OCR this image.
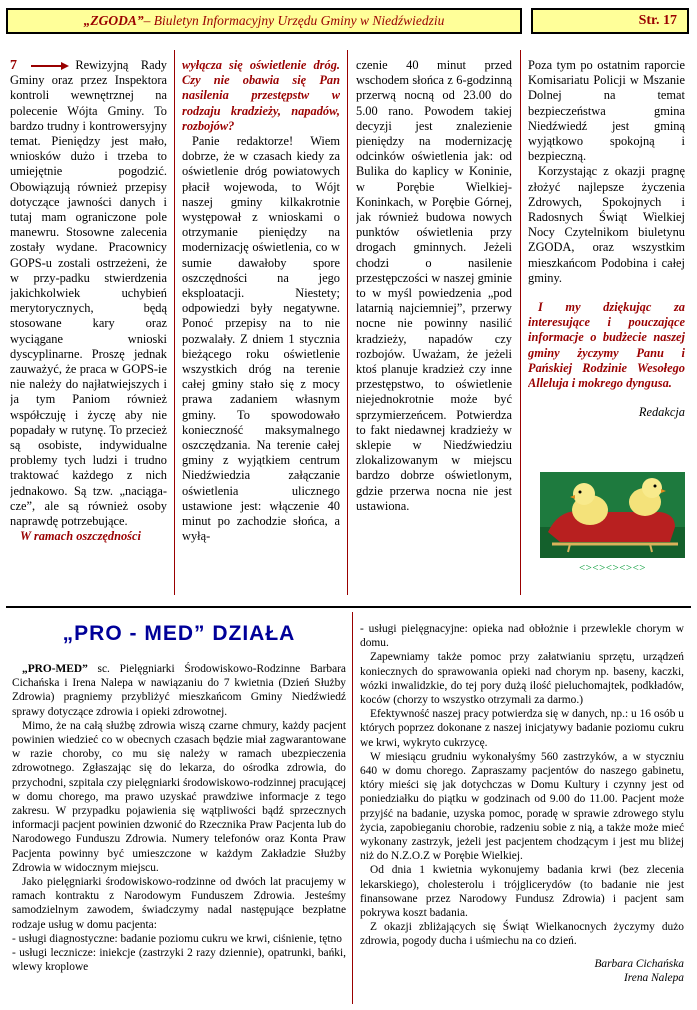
„ZGODA” – Biuletyn Informacyjny Urzędu Gminy w Niedźwiedziu	Str. 17

7	Rewizyjną Rady Gminy oraz przez Inspektora kontroli wewnętrznej na polecenie Wójta Gminy. To bardzo trudny i kontrowersyjny temat. Pieniędzy jest mało, wniosków dużo i trzeba to umiejętnie pogodzić. Obowiązują również przepisy dotyczące jawności danych i tutaj mam ograniczone pole manewru. Stosowne zalecenia zostały wydane. Pracownicy GOPS-u zostali ostrzeżeni, że w przy-padku stwierdzenia jakichkolwiek uchybień merytorycznych, będą stosowane kary oraz wyciągane wnioski dyscyplinarne. Proszę jednak zauważyć, że praca w GOPS-ie nie należy do najłatwiejszych i ja tym Paniom również współczuję i życzę aby nie popadały w rutynę. To przecież są osobiste, indywidualne problemy tych ludzi i trudno traktować każdego z nich jednakowo. Są tzw. „naciąga-cze”, ale są również osoby naprawdę potrzebujące.

W ramach oszczędności

wyłącza się oświetlenie dróg. Czy nie obawia się Pan nasilenia przestępstw w rodzaju kradzieży, napadów, rozbojów?

Panie redaktorze! Wiem dobrze, że w czasach kiedy za oświetlenie dróg powiatowych płacił wojewoda, to Wójt naszej gminy kilkakrotnie występował z wnioskami o otrzymanie pieniędzy na modernizację oświetlenia, co w sumie dawałoby spore oszczędności na jego eksploatacji. Niestety; odpowiedzi były negatywne. Ponoć przepisy na to nie pozwalały. Z dniem 1 stycznia bieżącego roku oświetlenie wszystkich dróg na terenie całej gminy stało się z mocy prawa zadaniem własnym gminy. To spowodowało konieczność maksymalnego oszczędzania. Na terenie całej gminy z wyjątkiem centrum Niedźwiedzia załączanie oświetlenia ulicznego ustawione jest: włączenie 40 minut po zachodzie słońca, a wyłą-

czenie 40 minut przed wschodem słońca z 6-godzinną przerwą nocną od 23.00 do 5.00 rano. Powodem takiej decyzji jest znalezienie pieniędzy na modernizację odcinków oświetlenia jak: od Bulika do kaplicy w Koninie, w Porębie Wielkiej-Koninkach, w Porębie Górnej, jak również budowa nowych punktów oświetlenia przy drogach gminnych. Jeżeli chodzi o nasilenie przestępczości w naszej gminie to w myśl powiedzenia „pod latarnią najciemniej”, przerwy nocne nie powinny nasilić kradzieży, napadów czy rozbojów. Uważam, że jeżeli ktoś planuje kradzież czy inne przestępstwo, to oświetlenie niejednokrotnie może być sprzymierzeńcem. Potwierdza to fakt niedawnej kradzieży w sklepie w Niedźwiedziu zlokalizowanym w miejscu bardzo dobrze oświetlonym, gdzie przerwa nocna nie jest ustawiona.

Poza tym po ostatnim raporcie Komisariatu Policji w Mszanie Dolnej na temat bezpieczeństwa gmina Niedźwiedź jest gminą wyjątkowo spokojną i bezpieczną.

Korzystając z okazji pragnę złożyć najlepsze życzenia Zdrowych, Spokojnych i Radosnych Świąt Wielkiej Nocy Czytelnikom biuletynu ZGODA, oraz wszystkim mieszkańcom Podobina i całej gminy.

I my dziękując za interesujące i pouczające informacje o budżecie naszej gminy życzymy Panu i Pańskiej Rodzinie Wesołego Alleluja i mokrego dyngusa.

Redakcja

<><><><><>
„PRO - MED” DZIAŁA

„PRO-MED” sc. Pielęgniarki Środowiskowo-Rodzinne Barbara Cichańska i Irena Nalepa w nawiązaniu do 7 kwietnia (Dzień Służby Zdrowia) pragniemy przybliżyć mieszkańcom Gminy Niedźwiedź sprawy dotyczące zdrowia i opieki zdrowotnej.

Mimo, że na całą służbę zdrowia wiszą czarne chmury, każdy pacjent powinien wiedzieć co w obecnych czasach będzie miał zagwarantowane w razie choroby, co mu się należy w ramach ubezpieczenia zdrowotnego. Zgłaszając się do lekarza, do ośrodka zdrowia, do przychodni, szpitala czy pielęgniarki środowiskowo-rodzinnej pracującej w domu chorego, ma prawo uzyskać prawdziwe informacje z tego zakresu. W przypadku pojawienia się wątpliwości bądź sprzecznych informacji pacjent powinien dzwonić do Rzecznika Praw Pacjenta lub do Narodowego Funduszu Zdrowia. Numery telefonów oraz Konta Praw Pacjenta powinny być umieszczone w każdym Zakładzie Służby Zdrowia w widocznym miejscu.

Jako pielęgniarki środowiskowo-rodzinne od dwóch lat pracujemy w ramach kontraktu z Narodowym Funduszem Zdrowia. Jesteśmy samodzielnym zawodem, świadczymy nadal następujące bezpłatne rodzaje usług w domu pacjenta:

- usługi diagnostyczne: badanie poziomu cukru we krwi, ciśnienie, tętno

- usługi lecznicze: iniekcje (zastrzyki 2 razy dziennie), opatrunki, bańki, wlewy kroplowe

- usługi pielęgnacyjne: opieka nad obłożnie i przewlekle chorym w domu.

Zapewniamy także pomoc przy załatwianiu sprzętu, urządzeń koniecznych do sprawowania opieki nad chorym np. baseny, kaczki, wózki inwalidzkie, do tej pory dużą ilość pieluchomajtek, podkładów, koców (chorzy to wszystko otrzymali za darmo.)

Efektywność naszej pracy potwierdza się w danych, np.: u 16 osób u których poprzez dokonane z naszej inicjatywy badanie poziomu cukru we krwi, wykryto cukrzycę.

W miesiącu grudniu wykonałyśmy 560 zastrzyków, a w styczniu 640 w domu chorego. Zapraszamy pacjentów do naszego gabinetu, który mieści się jak dotychczas w Domu Kultury i czynny jest od poniedziałku do piątku w godzinach od 9.00 do 11.00. Pacjent może przyjść na badanie, uzyska pomoc, poradę w sprawie zdrowego stylu życia, zapobieganiu chorobie, radzeniu sobie z nią, a także może mieć wykonany zastrzyk, jeżeli jest pacjentem chodzącym i jest mu bliżej niż do N.Z.O.Z w Porębie Wielkiej.

Od dnia 1 kwietnia wykonujemy badania krwi (bez zlecenia lekarskiego), cholesterolu i trójglicerydów (to badanie nie jest finansowane przez Narodowy Fundusz Zdrowia) i pacjent sam pokrywa koszt badania.

Z okazji zbliżających się Świąt Wielkanocnych życzymy dużo zdrowia, pogody ducha i uśmiechu na co dzień.

Barbara Cichańska

Irena Nalepa
